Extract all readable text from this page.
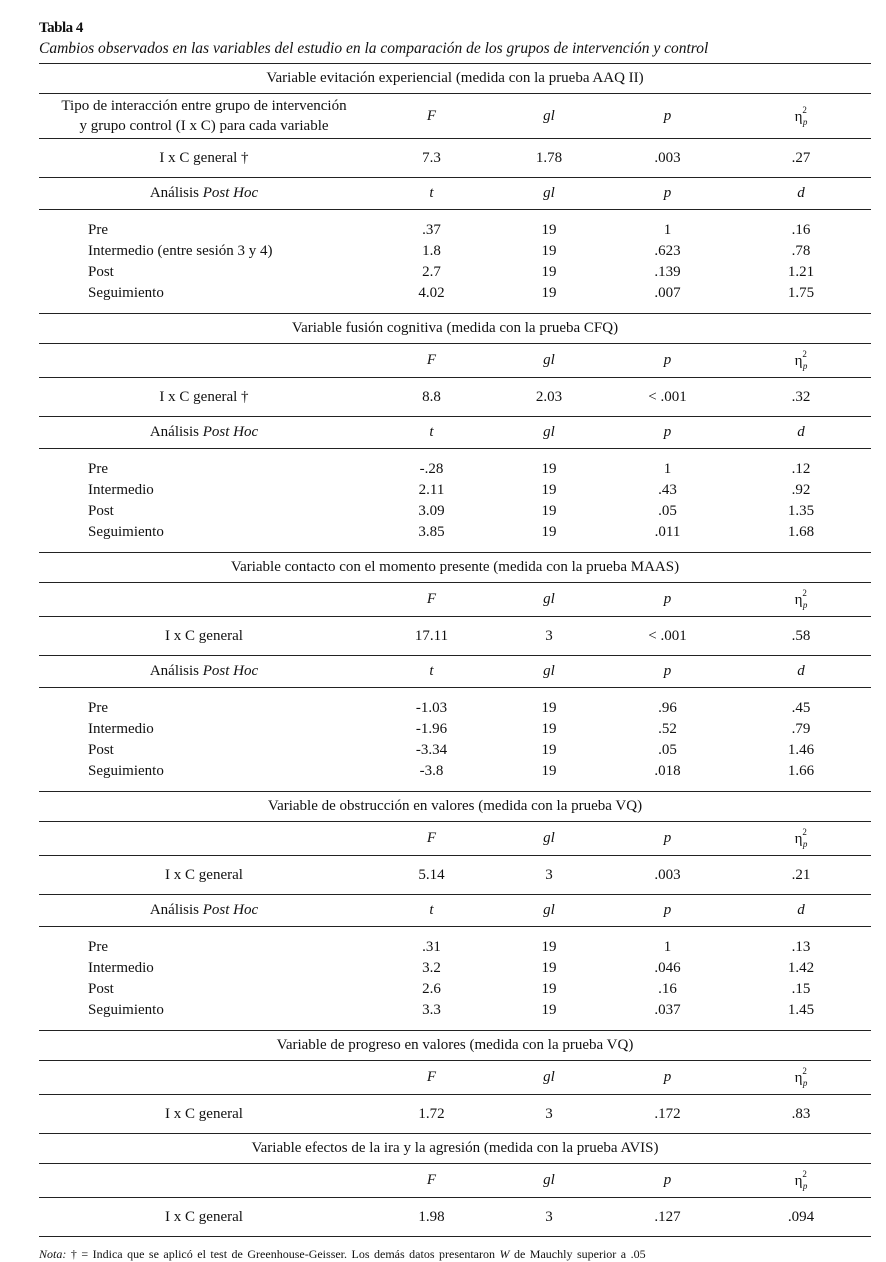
Tabla 4
Cambios observados en las variables del estudio en la comparación de los grupos de intervención y control
Variable evitación experiencial (medida con la prueba AAQ II)				
Tipo de interacción entre grupo de intervención
y grupo control (I x C) para cada variable	F	gl	p	$\eta^2_p$
I x C general †	7.3	1.78	.003	.27
Análisis Post Hoc	t	gl	p	d
Pre	.37	19	1	.16
Intermedio (entre sesión 3 y 4)	1.8	19	.623	.78
Post	2.7	19	.139	1.21
Seguimiento	4.02	19	.007	1.75
Variable fusión cognitiva (medida con la prueba CFQ)				
	F	gl	p	$\eta^2_p$
I x C general †	8.8	2.03	< .001	.32
Análisis Post Hoc	t	gl	p	d
Pre	-.28	19	1	.12
Intermedio	2.11	19	.43	.92
Post	3.09	19	.05	1.35
Seguimiento	3.85	19	.011	1.68
Variable contacto con el momento presente (medida con la prueba MAAS)				
	F	gl	p	$\eta^2_p$
I x C general	17.11	3	< .001	.58
Análisis Post Hoc	t	gl	p	d
Pre	-1.03	19	.96	.45
Intermedio	-1.96	19	.52	.79
Post	-3.34	19	.05	1.46
Seguimiento	-3.8	19	.018	1.66
Variable de obstrucción en valores (medida con la prueba VQ)				
	F	gl	p	$\eta^2_p$
I x C general	5.14	3	.003	.21
Análisis Post Hoc	t	gl	p	d
Pre	.31	19	1	.13
Intermedio	3.2	19	.046	1.42
Post	2.6	19	.16	.15
Seguimiento	3.3	19	.037	1.45
Variable de progreso en valores (medida con la prueba VQ)				
	F	gl	p	$\eta^2_p$
I x C general	1.72	3	.172	.83
Variable efectos de la ira y la agresión (medida con la prueba AVIS)				
	F	gl	p	$\eta^2_p$
I x C general	1.98	3	.127	.094
Nota: † = Indica que se aplicó el test de Greenhouse-Geisser. Los demás datos presentaron W de Mauchly superior a .05
